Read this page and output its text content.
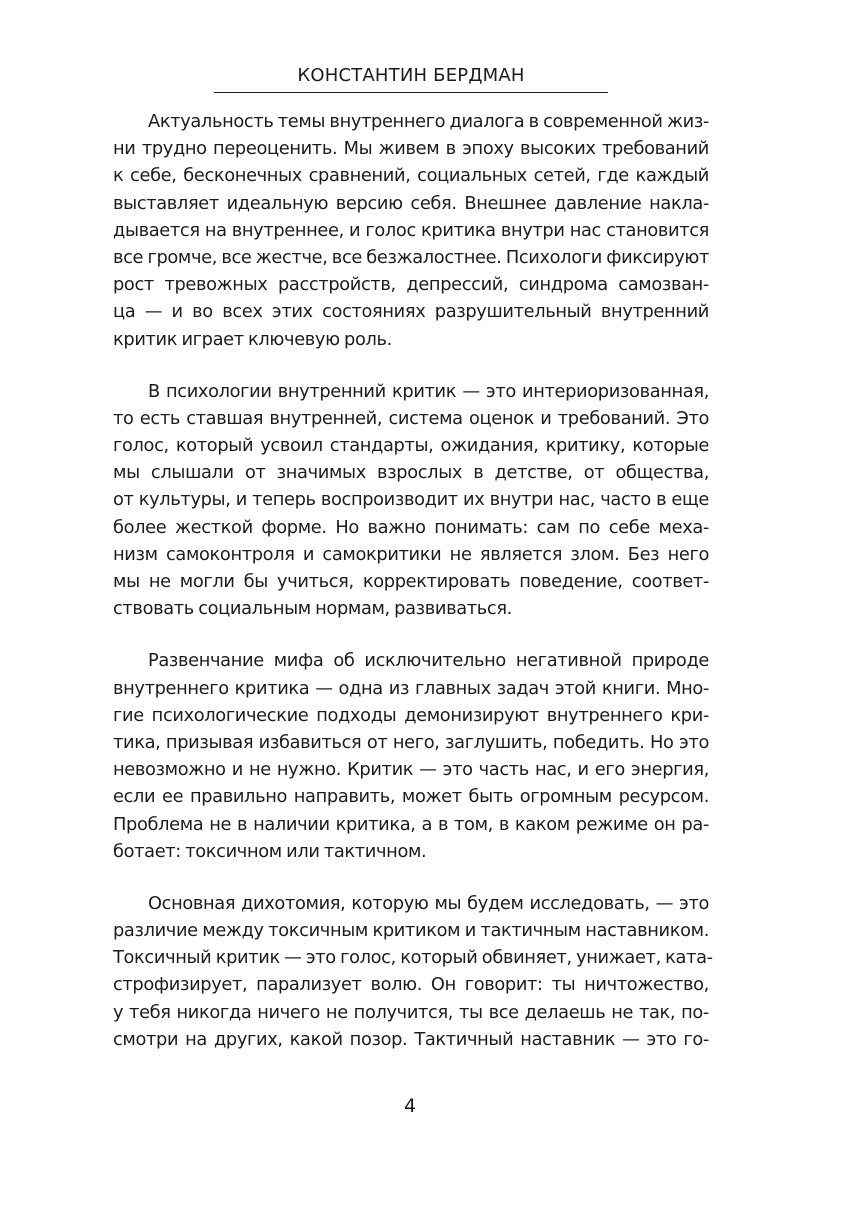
КОНСТАНТИН БЕРДМАН
Актуальность темы внутреннего диалога в современной жиз-
ни трудно переоценить. Мы живем в эпоху высоких требований
к себе, бесконечных сравнений, социальных сетей, где каждый
выставляет идеальную версию себя. Внешнее давление накла-
дывается на внутреннее, и голос критика внутри нас становится
все громче, все жестче, все безжалостнее. Психологи фиксируют
рост тревожных расстройств, депрессий, синдрома самозван-
ца — и во всех этих состояниях разрушительный внутренний
критик играет ключевую роль.
В психологии внутренний критик — это интериоризованная,
то есть ставшая внутренней, система оценок и требований. Это
голос, который усвоил стандарты, ожидания, критику, которые
мы слышали от значимых взрослых в детстве, от общества,
от культуры, и теперь воспроизводит их внутри нас, часто в еще
более жесткой форме. Но важно понимать: сам по себе меха-
низм самоконтроля и самокритики не является злом. Без него
мы не могли бы учиться, корректировать поведение, соответ-
ствовать социальным нормам, развиваться.
Развенчание мифа об исключительно негативной природе
внутреннего критика — одна из главных задач этой книги. Мно-
гие психологические подходы демонизируют внутреннего кри-
тика, призывая избавиться от него, заглушить, победить. Но это
невозможно и не нужно. Критик — это часть нас, и его энергия,
если ее правильно направить, может быть огромным ресурсом.
Проблема не в наличии критика, а в том, в каком режиме он ра-
ботает: токсичном или тактичном.
Основная дихотомия, которую мы будем исследовать, — это
различие между токсичным критиком и тактичным наставником.
Токсичный критик — это голос, который обвиняет, унижает, ката-
строфизирует, парализует волю. Он говорит: ты ничтожество,
у тебя никогда ничего не получится, ты все делаешь не так, по-
смотри на других, какой позор. Тактичный наставник — это го-
4
